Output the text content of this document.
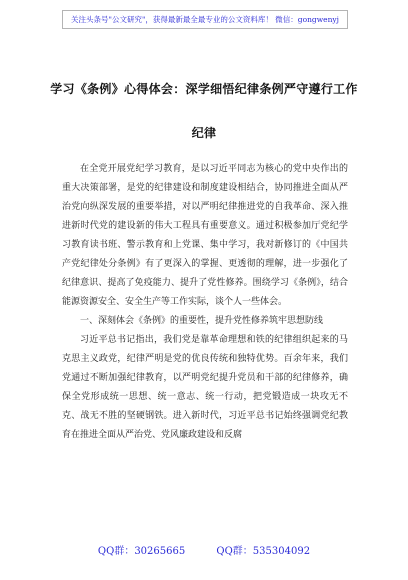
关注头条号"公文研究"，获得最新最全最专业的公文资料库！ 微信：gongwenyj
学习《条例》心得体会：深学细悟纪律条例严守遵行工作
纪律

在全党开展党纪学习教育，是以习近平同志为核心的党中央作出的重大决策部署，是党的纪律建设和制度建设相结合，协同推进全面从严治党向纵深发展的重要举措，对以严明纪律推进党的自我革命、深入推进新时代党的建设新的伟大工程具有重要意义。通过积极参加厅党纪学习教育读书班、警示教育和上党课、集中学习，我对新修订的《中国共产党纪律处分条例》有了更深入的掌握、更透彻的理解，进一步强化了纪律意识、提高了免疫能力、提升了党性修养。围绕学习《条例》，结合能源资源安全、安全生产等工作实际，谈个人一些体会。

一、深刻体会《条例》的重要性，提升党性修养筑牢思想防线

习近平总书记指出，我们党是靠革命理想和铁的纪律组织起来的马克思主义政党，纪律严明是党的优良传统和独特优势。百余年来，我们党通过不断加强纪律教育，以严明党纪提升党员和干部的纪律修养，确保全党形成统一思想、统一意志、统一行动，把党锻造成一块攻无不克、战无不胜的坚硬钢铁。进入新时代，习近平总书记始终强调党纪教育在推进全面从严治党、党风廉政建设和反腐

QQ群：30265665	QQ群：535304092
